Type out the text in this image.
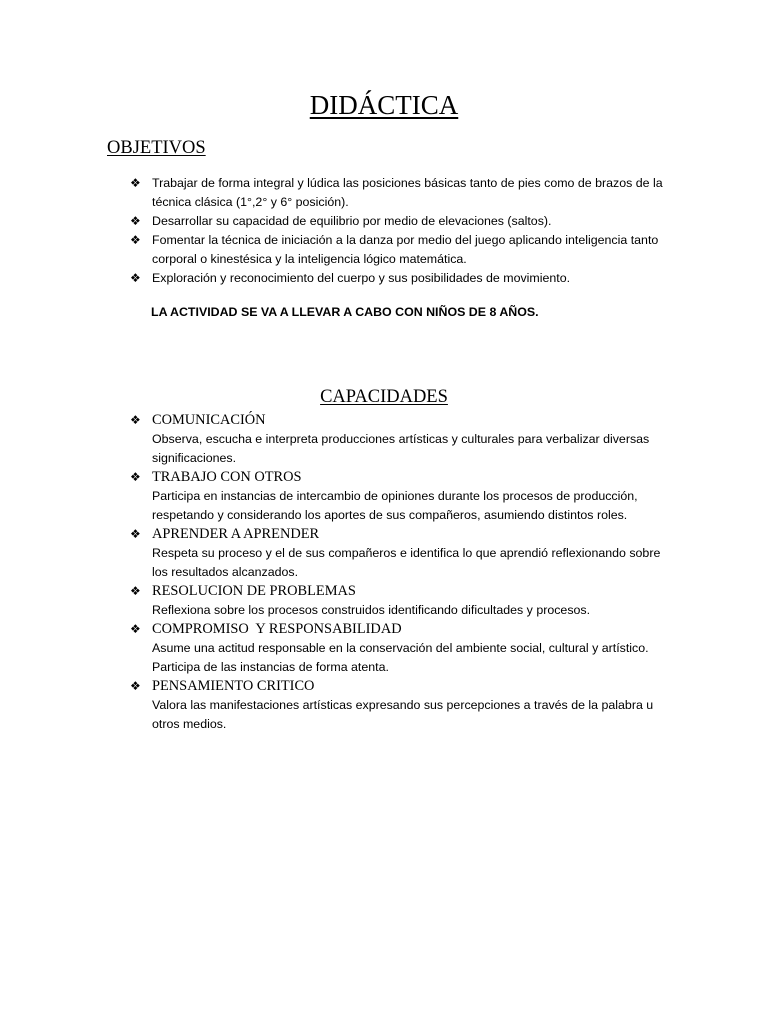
DIDÁCTICA
OBJETIVOS
❖ Trabajar de forma integral y lúdica las posiciones básicas tanto de pies como de brazos de la técnica clásica (1°,2° y 6° posición).
❖ Desarrollar su capacidad de equilibrio por medio de elevaciones (saltos).
❖ Fomentar la técnica de iniciación a la danza por medio del juego aplicando inteligencia tanto corporal o kinestésica y la inteligencia lógico matemática.
❖ Exploración y reconocimiento del cuerpo y sus posibilidades de movimiento.

LA ACTIVIDAD SE VA A LLEVAR A CABO CON NIÑOS DE 8 AÑOS.

CAPACIDADES
❖ COMUNICACIÓN
Observa, escucha e interpreta producciones artísticas y culturales para verbalizar diversas significaciones.
❖ TRABAJO CON OTROS
Participa en instancias de intercambio de opiniones durante los procesos de producción, respetando y considerando los aportes de sus compañeros, asumiendo distintos roles.
❖ APRENDER A APRENDER
Respeta su proceso y el de sus compañeros e identifica lo que aprendió reflexionando sobre los resultados alcanzados.
❖ RESOLUCION DE PROBLEMAS
Reflexiona sobre los procesos construidos identificando dificultades y procesos.
❖ COMPROMISO  Y RESPONSABILIDAD
Asume una actitud responsable en la conservación del ambiente social, cultural y artístico. Participa de las instancias de forma atenta.
❖ PENSAMIENTO CRITICO
Valora las manifestaciones artísticas expresando sus percepciones a través de la palabra u otros medios.
